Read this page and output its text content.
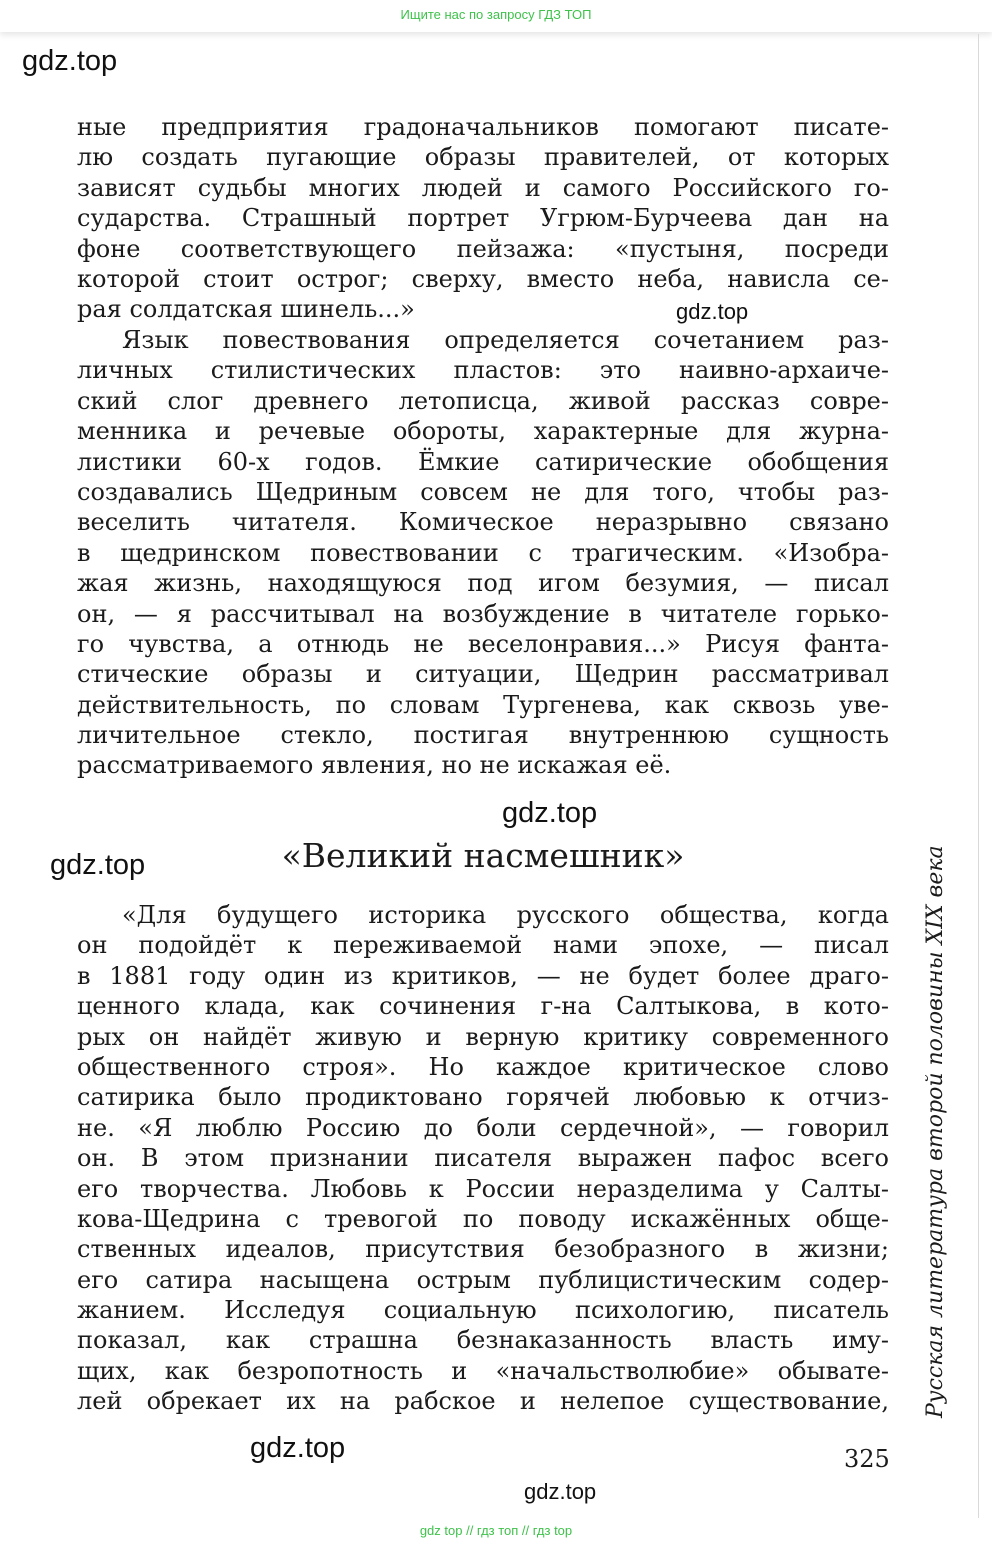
Ищите нас по запросу ГДЗ ТОП
gdz.top
gdz.top
gdz.top
gdz.top
gdz.top
gdz.top
ные предприятия градоначальников помогают писате-
лю создать пугающие образы правителей, от которых
зависят судьбы многих людей и самого Российского го-
сударства. Страшный портрет Угрюм-Бурчеева дан на
фоне соответствующего пейзажа: «пустыня, посреди
которой стоит острог; сверху, вместо неба, нависла се-
рая солдатская шинель...»
Язык повествования определяется сочетанием раз-
личных стилистических пластов: это наивно-архаиче-
ский слог древнего летописца, живой рассказ совре-
менника и речевые обороты, характерные для журна-
листики 60-х годов. Ёмкие сатирические обобщения
создавались Щедриным совсем не для того, чтобы раз-
веселить читателя. Комическое неразрывно связано
в щедринском повествовании с трагическим. «Изобра-
жая жизнь, находящуюся под игом безумия, — писал
он, — я рассчитывал на возбуждение в читателе горько-
го чувства, а отнюдь не веселонравия...» Рисуя фанта-
стические образы и ситуации, Щедрин рассматривал
действительность, по словам Тургенева, как сквозь уве-
личительное стекло, постигая внутреннюю сущность
рассматриваемого явления, но не искажая её.
«Великий насмешник»
«Для будущего историка русского общества, когда
он подойдёт к переживаемой нами эпохе, — писал
в 1881 году один из критиков, — не будет более драго-
ценного клада, как сочинения г-на Салтыкова, в кото-
рых он найдёт живую и верную критику современного
общественного строя». Но каждое критическое слово
сатирика было продиктовано горячей любовью к отчиз-
не. «Я люблю Россию до боли сердечной», — говорил
он. В этом признании писателя выражен пафос всего
его творчества. Любовь к России неразделима у Салты-
кова-Щедрина с тревогой по поводу искажённых обще-
ственных идеалов, присутствия безобразного в жизни;
его сатира насыщена острым публицистическим содер-
жанием. Исследуя социальную психологию, писатель
показал, как страшна безнаказанность власть иму-
щих, как безропотность и «начальстволюбие» обывате-
лей обрекает их на рабское и нелепое существование, Русская литература второй половины XIX века
325
gdz top // гдз топ // гдз top
